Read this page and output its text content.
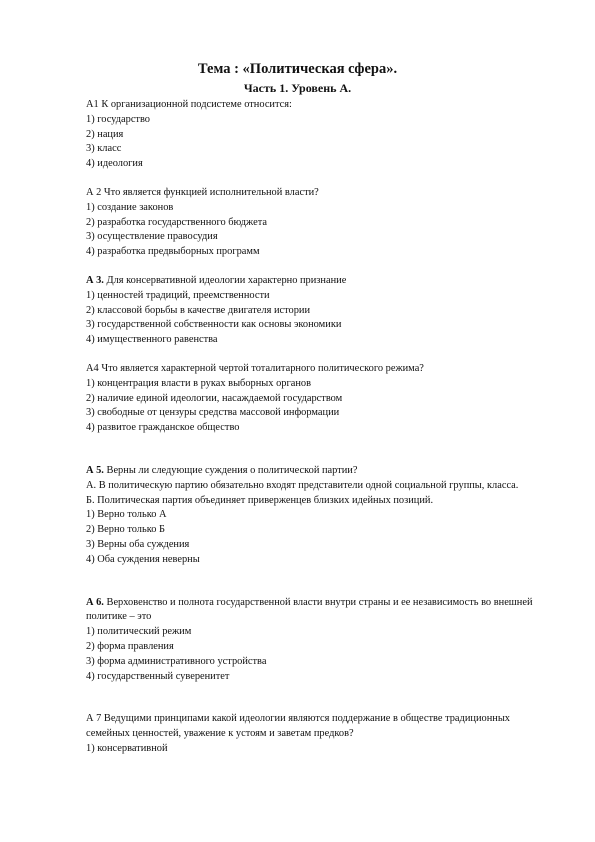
Тема : «Политическая сфера».
Часть 1. Уровень А.

А1 К организационной подсистеме относится:

1) государство

2) нация

3) класс

4) идеология

А 2 Что является функцией исполнительной власти?

1) создание законов

2) разработка государственного бюджета

3) осуществление правосудия

4) разработка предвыборных программ

А 3. Для консервативной идеологии характерно признание

1) ценностей традиций, преемственности

2) классовой борьбы в качестве двигателя истории

3) государственной собственности как основы экономики

4) имущественного равенства

А4 Что является характерной чертой тоталитарного политического режима?

1) концентрация власти в руках выборных органов

2) наличие единой идеологии, насаждаемой государством

3) свободные от цензуры средства массовой информации

4) развитое гражданское общество

А 5. Верны ли следующие суждения о политической партии?

А. В политическую партию обязательно входят представители одной социальной группы, класса.

Б. Политическая партия объединяет приверженцев близких идейных позиций.

1) Верно только А

2) Верно только Б

3) Верны оба суждения

4) Оба суждения неверны

А 6. Верховенство и полнота государственной власти внутри страны и ее независимость во внешней политике – это

1) политический режим

2) форма правления

3) форма административного устройства

4) государственный суверенитет

А 7 Ведущими принципами какой идеологии являются поддержание в обществе традиционных семейных ценностей, уважение к устоям и заветам предков?

1) консервативной
